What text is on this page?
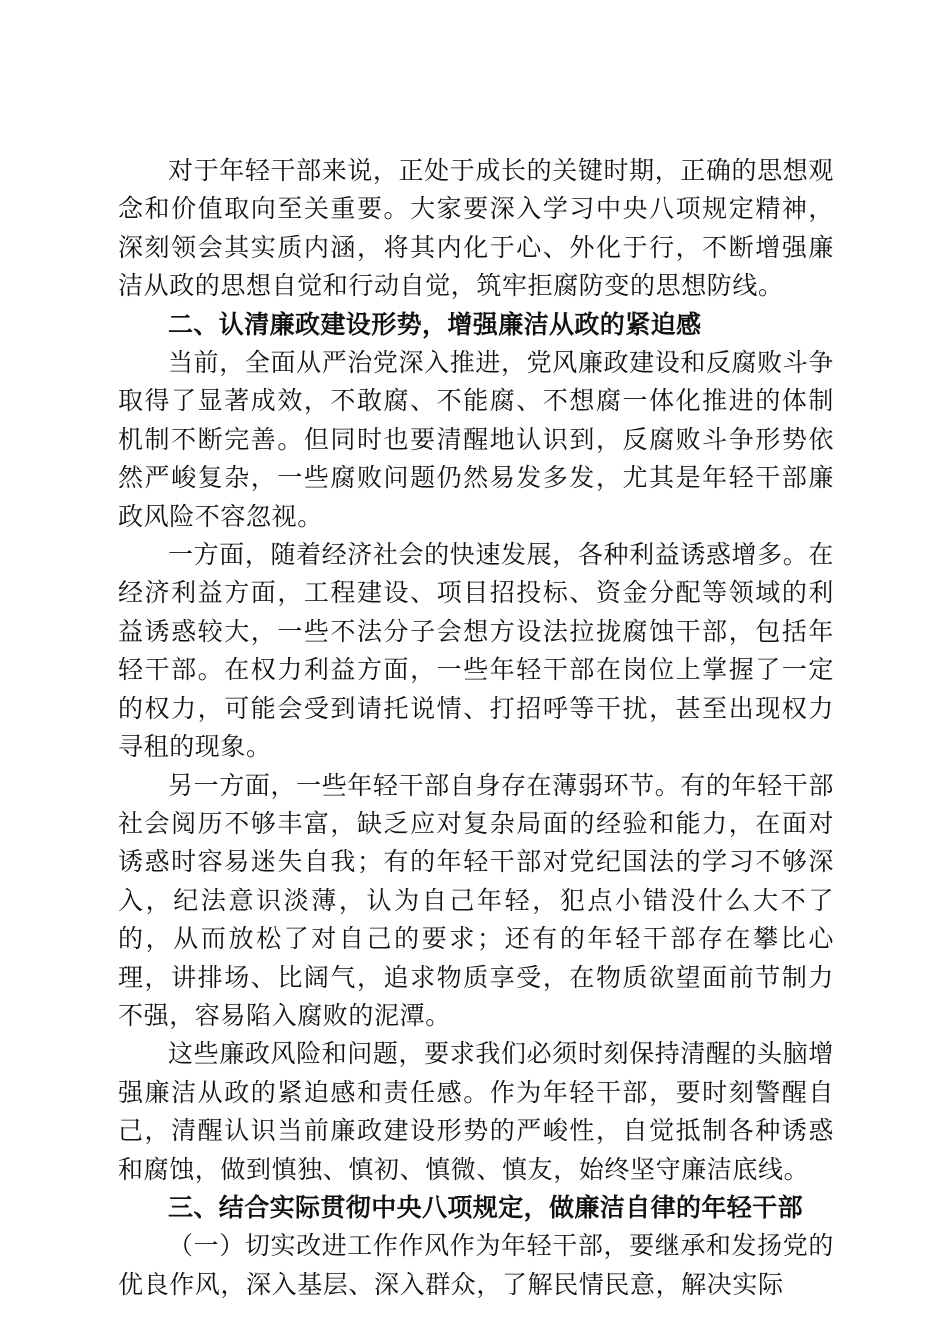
对于年轻干部来说，正处于成长的关键时期，正确的思想观念和价值取向至关重要。大家要深入学习中央八项规定精神，深刻领会其实质内涵，将其内化于心、外化于行，不断增强廉洁从政的思想自觉和行动自觉，筑牢拒腐防变的思想防线。

二、认清廉政建设形势，增强廉洁从政的紧迫感

当前，全面从严治党深入推进，党风廉政建设和反腐败斗争取得了显著成效，不敢腐、不能腐、不想腐一体化推进的体制机制不断完善。但同时也要清醒地认识到，反腐败斗争形势依然严峻复杂，一些腐败问题仍然易发多发，尤其是年轻干部廉政风险不容忽视。

一方面，随着经济社会的快速发展，各种利益诱惑增多。在经济利益方面，工程建设、项目招投标、资金分配等领域的利益诱惑较大，一些不法分子会想方设法拉拢腐蚀干部，包括年轻干部。在权力利益方面，一些年轻干部在岗位上掌握了一定的权力，可能会受到请托说情、打招呼等干扰，甚至出现权力寻租的现象。

另一方面，一些年轻干部自身存在薄弱环节。有的年轻干部社会阅历不够丰富，缺乏应对复杂局面的经验和能力，在面对诱惑时容易迷失自我；有的年轻干部对党纪国法的学习不够深入，纪法意识淡薄，认为自己年轻，犯点小错没什么大不了的，从而放松了对自己的要求；还有的年轻干部存在攀比心理，讲排场、比阔气，追求物质享受，在物质欲望面前节制力不强，容易陷入腐败的泥潭。

这些廉政风险和问题，要求我们必须时刻保持清醒的头脑增强廉洁从政的紧迫感和责任感。作为年轻干部，要时刻警醒自己，清醒认识当前廉政建设形势的严峻性，自觉抵制各种诱惑和腐蚀，做到慎独、慎初、慎微、慎友，始终坚守廉洁底线。

三、结合实际贯彻中央八项规定，做廉洁自律的年轻干部

（一）切实改进工作作风作为年轻干部，要继承和发扬党的优良作风，深入基层、深入群众，了解民情民意，解决实际
